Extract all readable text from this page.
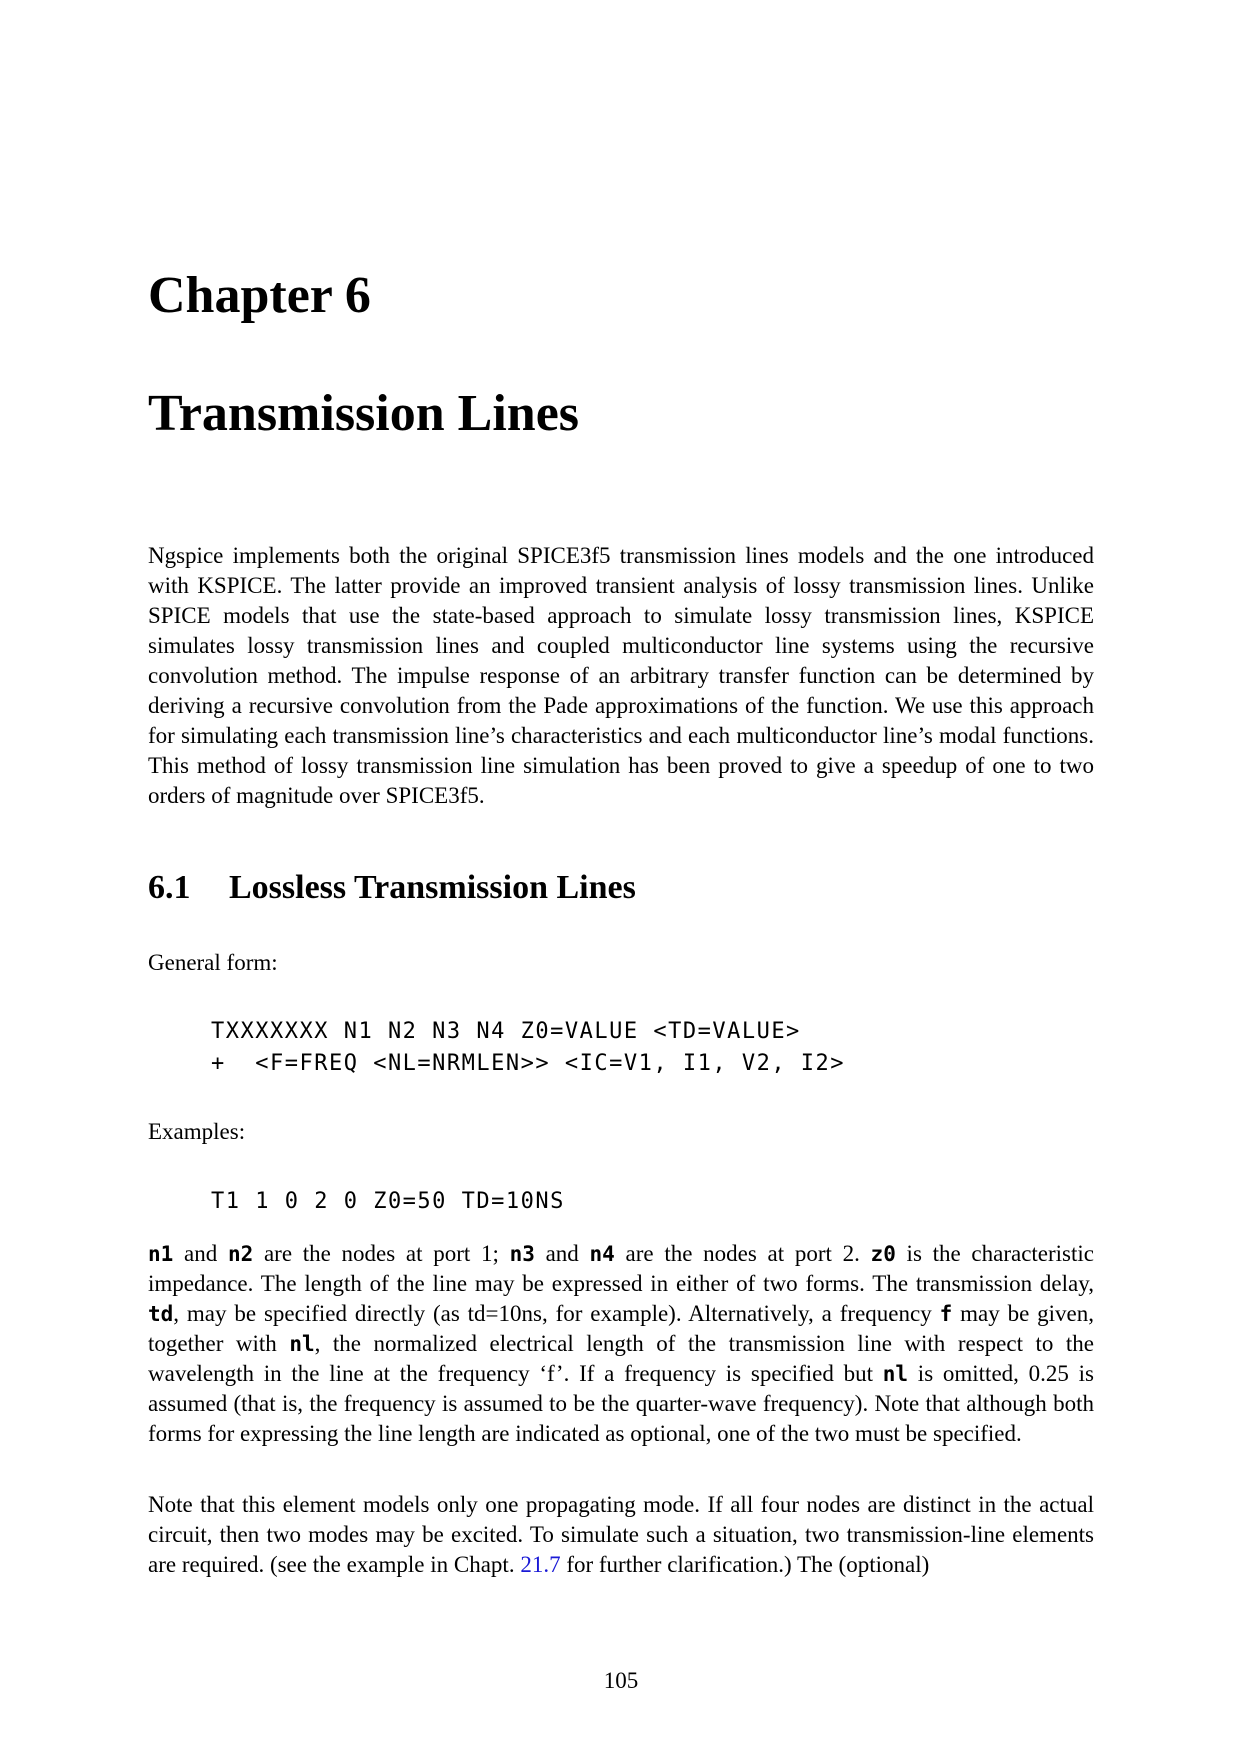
Chapter 6
Transmission Lines

Ngspice implements both the original SPICE3f5 transmission lines models and the one introduced with KSPICE. The latter provide an improved transient analysis of lossy transmission lines. Unlike SPICE models that use the state-based approach to simulate lossy transmission lines, KSPICE simulates lossy transmission lines and coupled multiconductor line systems using the recursive convolution method. The impulse response of an arbitrary transfer function can be determined by deriving a recursive convolution from the Pade approximations of the function. We use this approach for simulating each transmission line’s characteristics and each multiconductor line’s modal functions. This method of lossy transmission line simulation has been proved to give a speedup of one to two orders of magnitude over SPICE3f5.

6.1 Lossless Transmission Lines

General form:

TXXXXXXX N1 N2 N3 N4 Z0=VALUE <TD=VALUE>
+  <F=FREQ <NL=NRMLEN>> <IC=V1, I1, V2, I2>

Examples:

T1 1 0 2 0 Z0=50 TD=10NS

n1 and n2 are the nodes at port 1; n3 and n4 are the nodes at port 2. z0 is the characteristic impedance. The length of the line may be expressed in either of two forms. The transmission delay, td, may be specified directly (as td=10ns, for example). Alternatively, a frequency f may be given, together with nl, the normalized electrical length of the transmission line with respect to the wavelength in the line at the frequency ‘f’. If a frequency is specified but nl is omitted, 0.25 is assumed (that is, the frequency is assumed to be the quarter-wave frequency). Note that although both forms for expressing the line length are indicated as optional, one of the two must be specified.

Note that this element models only one propagating mode. If all four nodes are distinct in the actual circuit, then two modes may be excited. To simulate such a situation, two transmission-line elements are required. (see the example in Chapt. 21.7 for further clarification.) The (optional)

105
